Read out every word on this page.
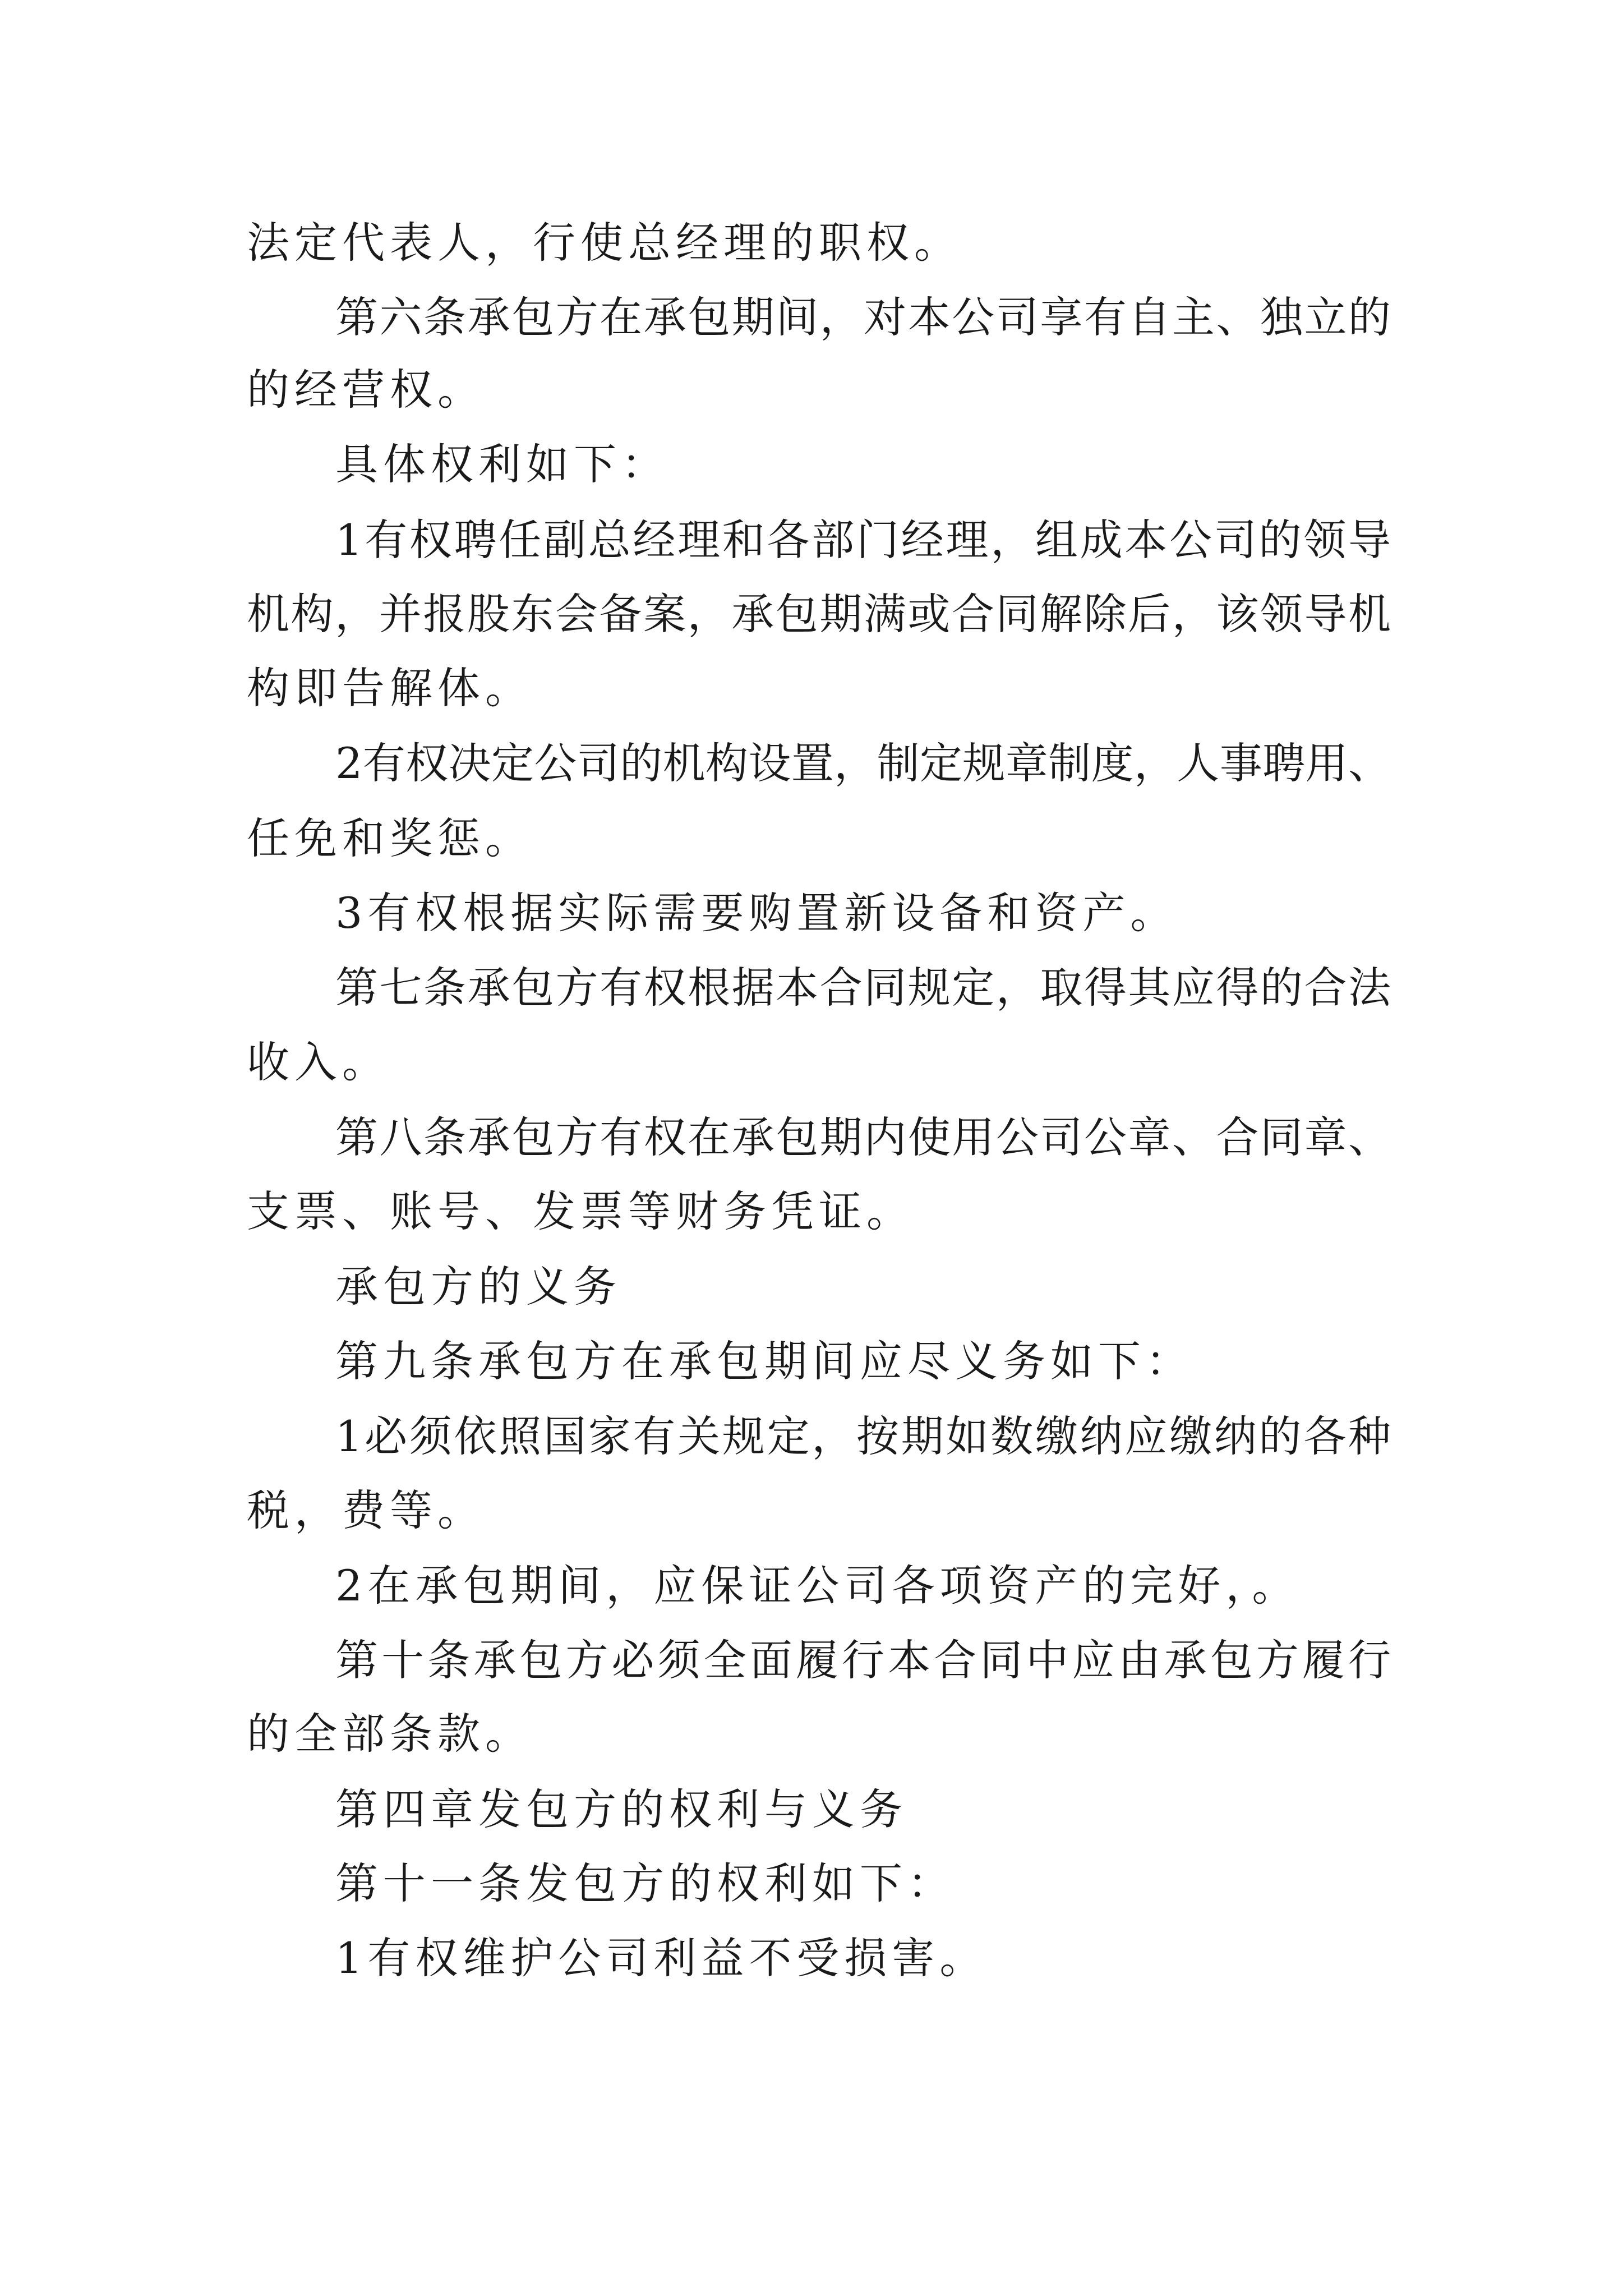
法定代表人，行使总经理的职权。

第六条承包方在承包期间，对本公司享有自主、独立的

的经营权。

具体权利如下：

1有权聘任副总经理和各部门经理，组成本公司的领导

机构，并报股东会备案，承包期满或合同解除后，该领导机

构即告解体。

2有权决定公司的机构设置，制定规章制度，人事聘用、

任免和奖惩。

3有权根据实际需要购置新设备和资产。

第七条承包方有权根据本合同规定，取得其应得的合法

收入。

第八条承包方有权在承包期内使用公司公章、合同章、

支票、账号、发票等财务凭证。

承包方的义务

第九条承包方在承包期间应尽义务如下：

1必须依照国家有关规定，按期如数缴纳应缴纳的各种

税，费等。

2在承包期间，应保证公司各项资产的完好，。

第十条承包方必须全面履行本合同中应由承包方履行

的全部条款。

第四章发包方的权利与义务

第十一条发包方的权利如下：

1有权维护公司利益不受损害。
